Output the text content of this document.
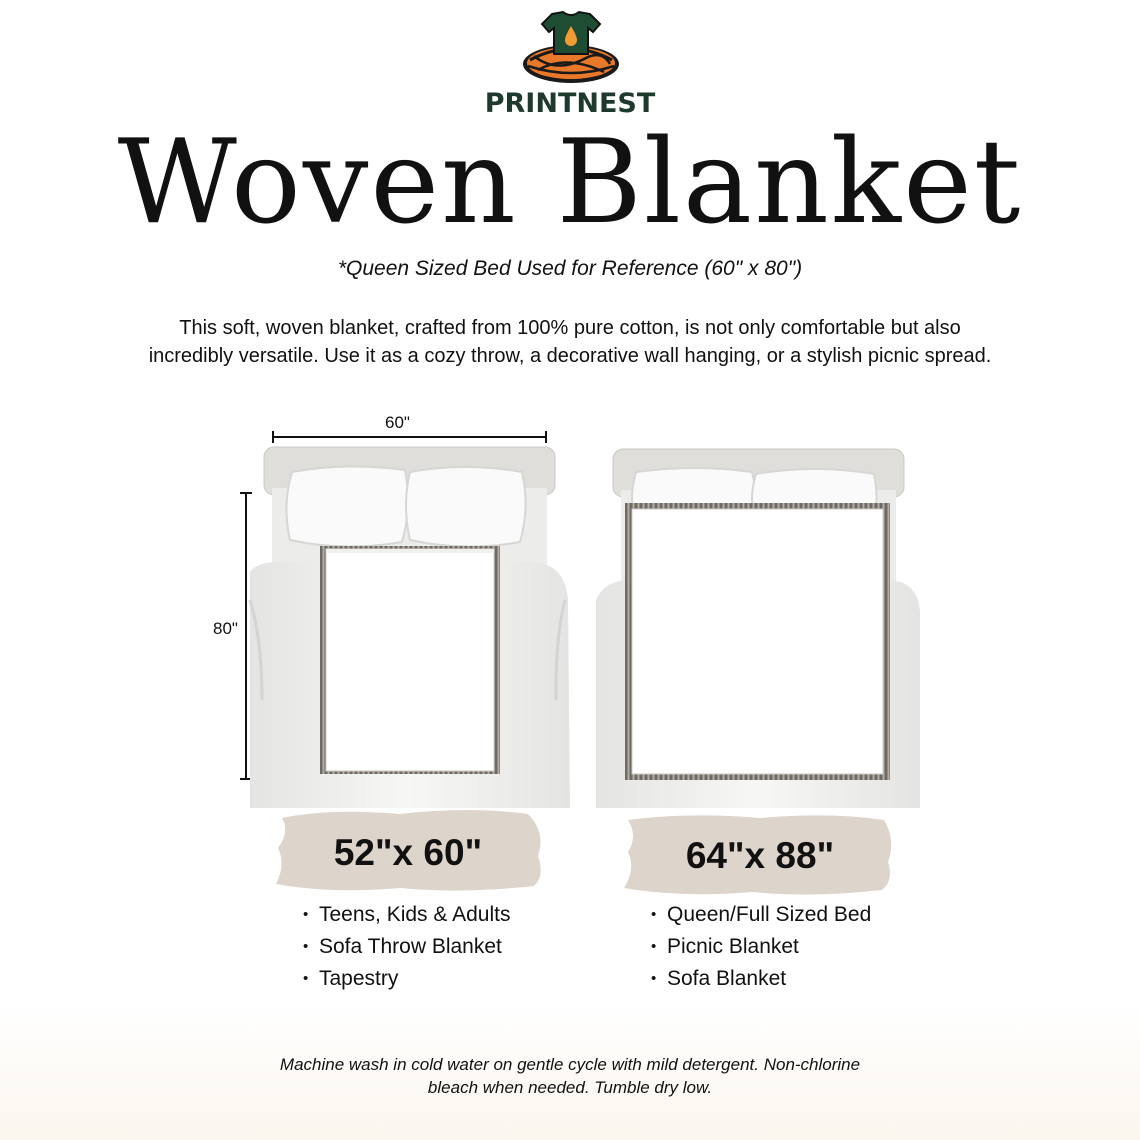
PRINTNEST
Woven Blanket
*Queen Sized Bed Used for Reference (60" x 80")
This soft, woven blanket, crafted from 100% pure cotton, is not only comfortable but also
incredibly versatile. Use it as a cozy throw, a decorative wall hanging, or a stylish picnic spread.
60"
80"
52"x 60"	64"x 88"
• Teens, Kids & Adults
• Sofa Throw Blanket
• Tapestry
• Queen/Full Sized Bed
• Picnic Blanket
• Sofa Blanket
Machine wash in cold water on gentle cycle with mild detergent. Non-chlorine
bleach when needed. Tumble dry low.
